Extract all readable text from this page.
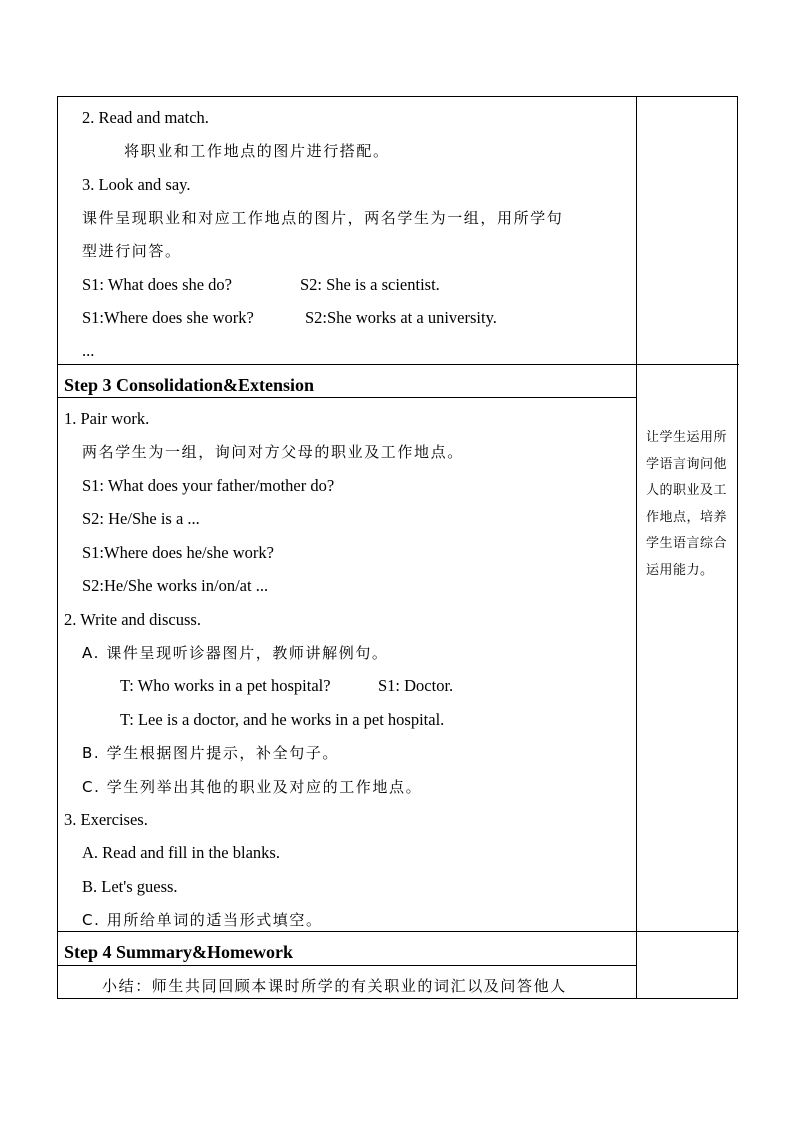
2. Read and match.
将职业和工作地点的图片进行搭配。
3. Look and say.
课件呈现职业和对应工作地点的图片，两名学生为一组，用所学句
型进行问答。
S1: What does she do?	S2: She is a scientist.
S1:Where does she work?	S2:She works at a university.
...
Step 3 Consolidation&Extension
1. Pair work.
两名学生为一组，询问对方父母的职业及工作地点。
S1: What does your father/mother do?
S2: He/She is a ...
S1:Where does he/she work?
S2:He/She works in/on/at ...
2. Write and discuss.
A. 课件呈现听诊器图片，教师讲解例句。
T: Who works in a pet hospital?	S1: Doctor.
T: Lee is a doctor, and he works in a pet hospital.
B. 学生根据图片提示，补全句子。
C. 学生列举出其他的职业及对应的工作地点。
3. Exercises.
A. Read and fill in the blanks.
B. Let's guess.
C. 用所给单词的适当形式填空。
让学生运用所学语言询问他人的职业及工作地点，培养学生语言综合运用能力。
Step 4 Summary&Homework
小结：师生共同回顾本课时所学的有关职业的词汇以及问答他人
